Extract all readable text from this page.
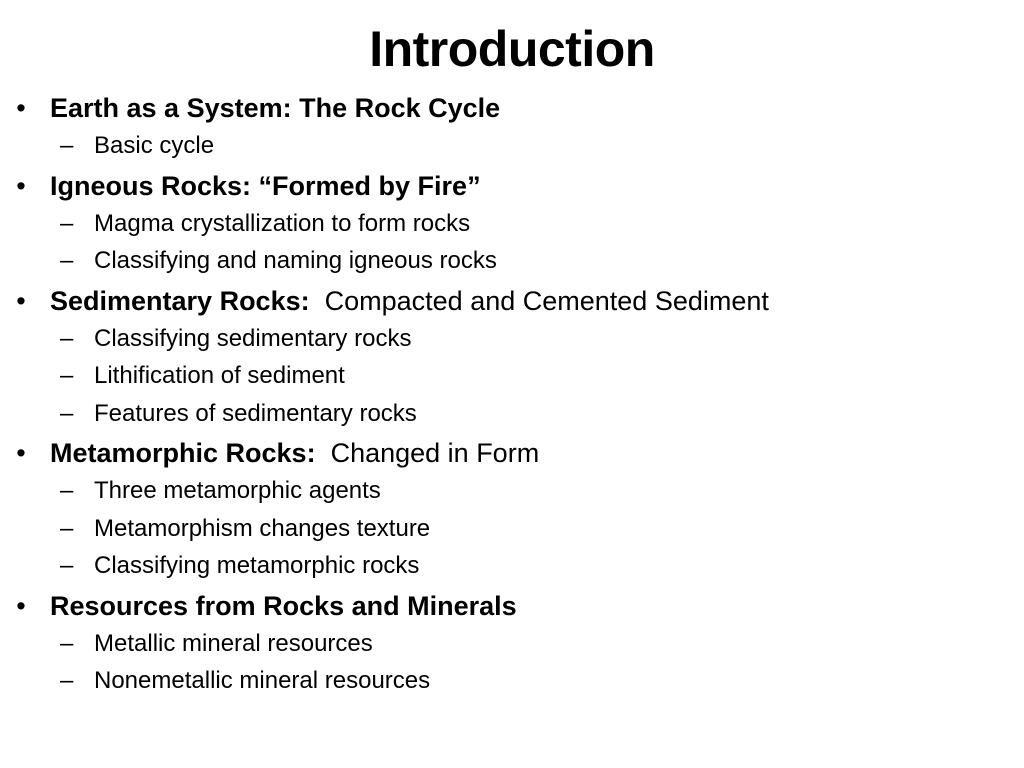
Introduction
• Earth as a System: The Rock Cycle
– Basic cycle
• Igneous Rocks: “Formed by Fire”
– Magma crystallization to form rocks
– Classifying and naming igneous rocks
• Sedimentary Rocks: Compacted and Cemented Sediment
– Classifying sedimentary rocks
– Lithification of sediment
– Features of sedimentary rocks
• Metamorphic Rocks: Changed in Form
– Three metamorphic agents
– Metamorphism changes texture
– Classifying metamorphic rocks
• Resources from Rocks and Minerals
– Metallic mineral resources
– Nonemetallic mineral resources
